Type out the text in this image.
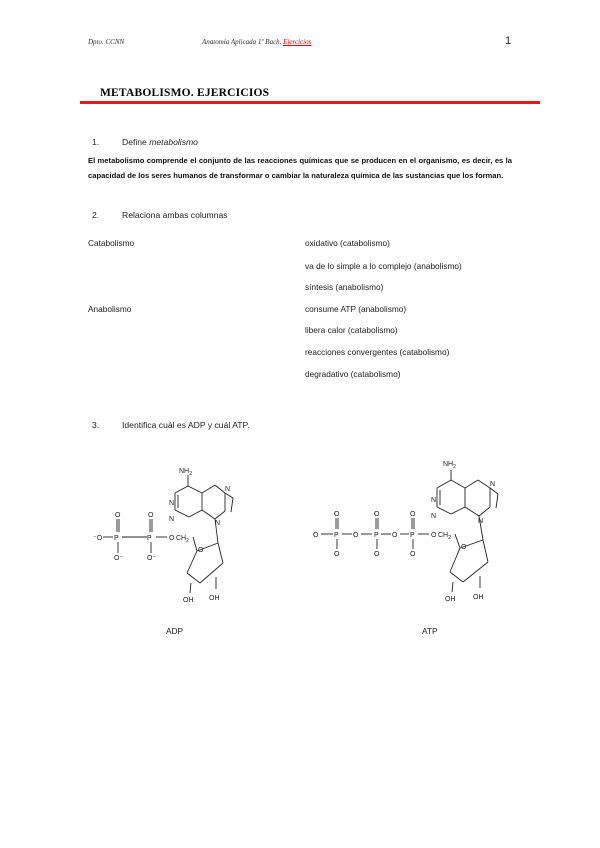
Dpto. CCNN	Anatomía Aplicada 1º Bach. Ejercicios	1
METABOLISMO. EJERCICIOS
1.	Define metabolismo
El metabolismo comprende el conjunto de las reacciones químicas que se producen en el organismo, es decir, es la capacidad de los seres humanos de transformar o cambiar la naturaleza química de las sustancias que los forman.
2.	Relaciona ambas columnas
Catabolismo
Anabolismo
oxidativo (catabolismo)
va de lo simple a lo complejo (anabolismo)
síntesis (anabolismo)
consume ATP (anabolismo)
libera calor (catabolismo)
reacciones convergentes (catabolismo)
degradativo (catabolismo)
3.	Identifica cuál es ADP y cuál ATP.
⁻O P	P
O	O
O⁻	O⁻
O $CH_2$
O
OH OH
$NH_2$
N
N
N
N
O P O P O P
O	O	O
O	O	O
O $CH_2$
O
OH	OH
$NH_2$
N
N
N
N
ADP	ATP
